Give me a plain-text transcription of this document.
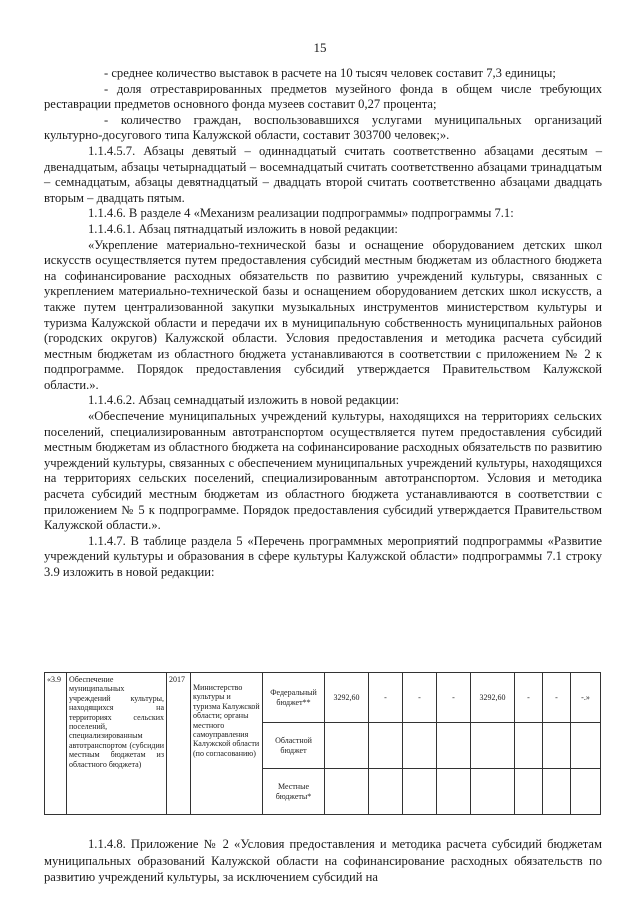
15

- среднее количество выставок в расчете на 10 тысяч человек составит 7,3 единицы;

- доля отреставрированных предметов музейного фонда в общем числе требующих реставрации предметов основного фонда музеев составит 0,27 процента;

- количество граждан, воспользовавшихся услугами муниципальных организаций культурно-досугового типа Калужской области, составит 303700 человек;».

1.1.4.5.7. Абзацы девятый – одиннадцатый считать соответственно абзацами десятым – двенадцатым, абзацы четырнадцатый – восемнадцатый считать соответственно абзацами тринадцатым – семнадцатым, абзацы девятнадцатый – двадцать второй считать соответственно абзацами двадцать вторым – двадцать пятым.

1.1.4.6. В разделе 4 «Механизм реализации подпрограммы» подпрограммы 7.1:

1.1.4.6.1. Абзац пятнадцатый изложить в новой редакции:

«Укрепление материально-технической базы и оснащение оборудованием детских школ искусств осуществляется путем предоставления субсидий местным бюджетам из областного бюджета на софинансирование расходных обязательств по развитию учреждений культуры, связанных с укреплением материально-технической базы и оснащением оборудованием детских школ искусств, а также путем централизованной закупки музыкальных инструментов министерством культуры и туризма Калужской области и передачи их в муниципальную собственность муниципальных районов (городских округов) Калужской области. Условия предоставления и методика расчета субсидий местным бюджетам из областного бюджета устанавливаются в соответствии с приложением № 2 к подпрограмме. Порядок предоставления субсидий утверждается Правительством Калужской области.».

1.1.4.6.2. Абзац семнадцатый изложить в новой редакции:

«Обеспечение муниципальных учреждений культуры, находящихся на территориях сельских поселений, специализированным автотранспортом осуществляется путем предоставления субсидий местным бюджетам из областного бюджета на софинансирование расходных обязательств по развитию учреждений культуры, связанных с обеспечением муниципальных учреждений культуры, находящихся на территориях сельских поселений, специализированным автотранспортом. Условия и методика расчета субсидий местным бюджетам из областного бюджета устанавливаются в соответствии с приложением № 5 к подпрограмме. Порядок предоставления субсидий утверждается Правительством Калужской области.».

1.1.4.7. В таблице раздела 5 «Перечень программных мероприятий подпрограммы «Развитие учреждений культуры и образования в сфере культуры Калужской области» подпрограммы 7.1 строку 3.9 изложить в новой редакции:

«3.9	Обеспечение муниципальных учреждений культуры, находящихся на территориях сельских поселений, специализированным автотранспортом (субсидии местным бюджетам из областного бюджета)	2017	Министерство культуры и туризма Калужской области; органы местного самоуправления Калужской области (по согласованию)	Федеральный бюджет**	3292,60	-	-	-	3292,60	-	-	-.»
				Областной бюджет								
				Местные бюджеты*								
1.1.4.8. Приложение № 2 «Условия предоставления и методика расчета субсидий бюджетам муниципальных образований Калужской области на софинансирование расходных обязательств по развитию учреждений культуры, за исключением субсидий на
